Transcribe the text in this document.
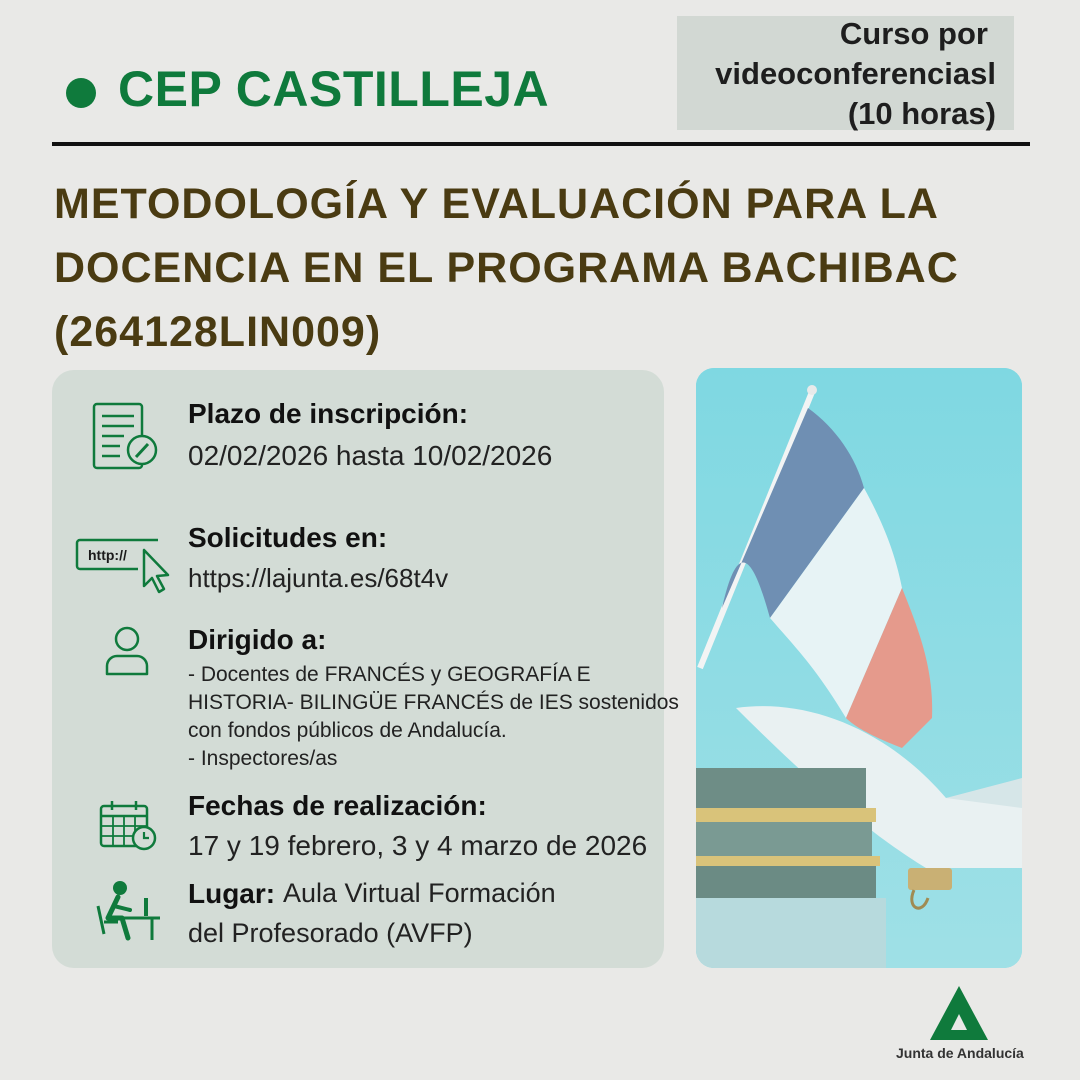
CEP CASTILLEJA
Curso por
videoconferenciasl
(10 horas)
METODOLOGÍA Y EVALUACIÓN PARA LA
DOCENCIA EN EL PROGRAMA BACHIBAC
(264128LIN009)
Plazo de inscripción:
02/02/2026 hasta 10/02/2026
http://
Solicitudes en:
https://lajunta.es/68t4v
Dirigido a:
- Docentes de FRANCÉS y GEOGRAFÍA E
HISTORIA- BILINGÜE FRANCÉS de IES sostenidos
con fondos públicos de Andalucía.
- Inspectores/as
Fechas de realización:
17 y 19 febrero, 3 y 4 marzo de 2026
Lugar: Aula Virtual Formación
del Profesorado (AVFP)
Junta de Andalucía
